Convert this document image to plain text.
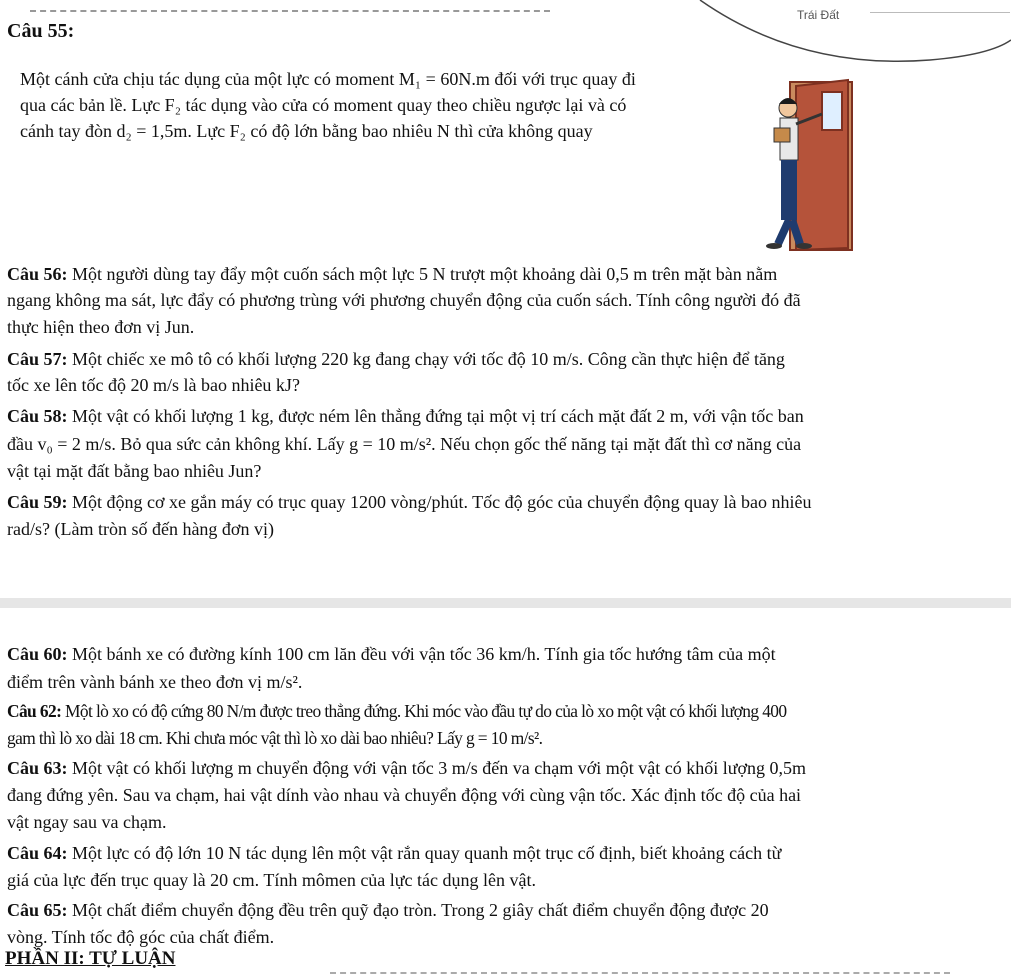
Trái Đất
Câu 55:

Một cánh cửa chịu tác dụng của một lực có moment M₁ = 60N.m đối với trục quay đi

qua các bản lề. Lực F₂ tác dụng vào cửa có moment quay theo chiều ngược lại và có

cánh tay đòn d₂ = 1,5m. Lực F₂ có độ lớn bằng bao nhiêu N thì cửa không quay

Câu 56: Một người dùng tay đẩy một cuốn sách một lực 5 N trượt một khoảng dài 0,5 m trên mặt bàn nằm

ngang không ma sát, lực đẩy có phương trùng với phương chuyển động của cuốn sách. Tính công người đó đã

thực hiện theo đơn vị Jun.

Câu 57: Một chiếc xe mô tô có khối lượng 220 kg đang chạy với tốc độ 10 m/s. Công cần thực hiện để tăng

tốc xe lên tốc độ 20 m/s là bao nhiêu kJ?

Câu 58: Một vật có khối lượng 1 kg, được ném lên thẳng đứng tại một vị trí cách mặt đất 2 m, với vận tốc ban

đầu v₀ = 2 m/s. Bỏ qua sức cản không khí. Lấy g = 10 m/s². Nếu chọn gốc thế năng tại mặt đất thì cơ năng của

vật tại mặt đất bằng bao nhiêu Jun?

Câu 59: Một động cơ xe gắn máy có trục quay 1200 vòng/phút. Tốc độ góc của chuyển động quay là bao nhiêu

rad/s? (Làm tròn số đến hàng đơn vị)

Câu 60: Một bánh xe có đường kính 100 cm lăn đều với vận tốc 36 km/h. Tính gia tốc hướng tâm của một

điểm trên vành bánh xe theo đơn vị m/s².

Câu 62: Một lò xo có độ cứng 80 N/m được treo thẳng đứng. Khi móc vào đầu tự do của lò xo một vật có khối lượng 400

gam thì lò xo dài 18 cm. Khi chưa móc vật thì lò xo dài bao nhiêu? Lấy g = 10 m/s².

Câu 63: Một vật có khối lượng m chuyển động với vận tốc 3 m/s đến va chạm với một vật có khối lượng 0,5m

đang đứng yên. Sau va chạm, hai vật dính vào nhau và chuyển động với cùng vận tốc. Xác định tốc độ của hai

vật ngay sau va chạm.

Câu 64: Một lực có độ lớn 10 N tác dụng lên một vật rắn quay quanh một trục cố định, biết khoảng cách từ

giá của lực đến trục quay là 20 cm. Tính mômen của lực tác dụng lên vật.

Câu 65: Một chất điểm chuyển động đều trên quỹ đạo tròn. Trong 2 giây chất điểm chuyển động được 20

vòng. Tính tốc độ góc của chất điểm.

PHẦN II: TỰ LUẬN
